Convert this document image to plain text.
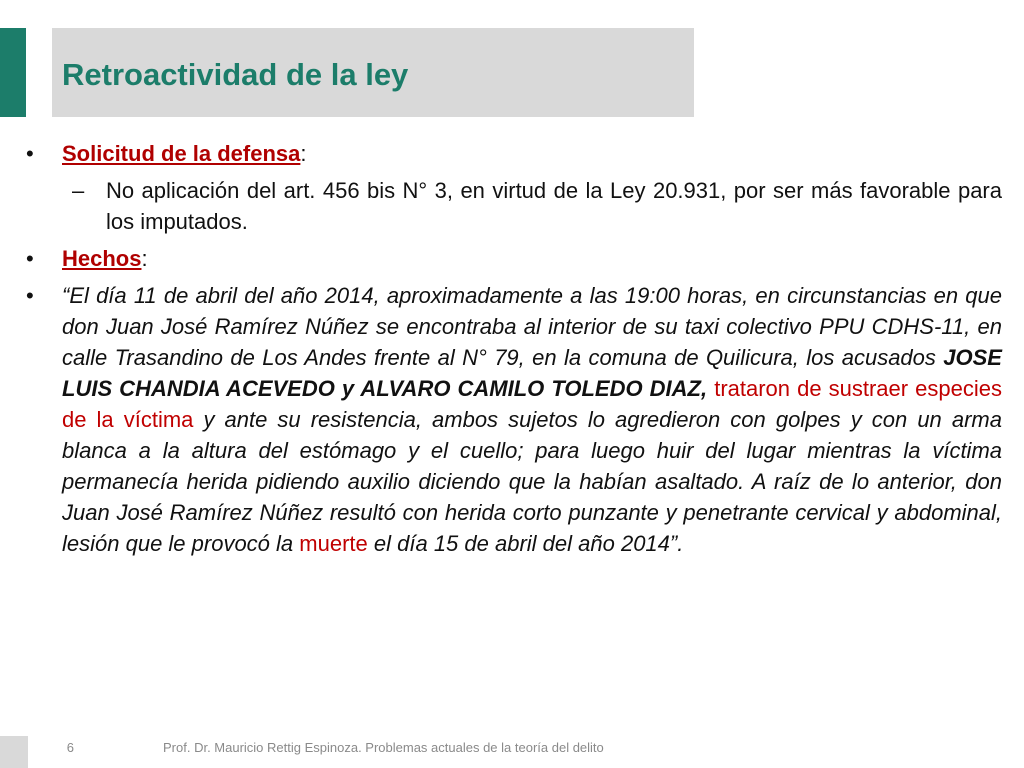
Retroactividad de la ley
•	Solicitud de la defensa:
– No aplicación del art. 456 bis N° 3, en virtud de la Ley 20.931, por ser más favorable para los imputados.
•	Hechos:
•	“El día 11 de abril del año 2014, aproximadamente a las 19:00 horas, en circunstancias en que don Juan José Ramírez Núñez se encontraba al interior de su taxi colectivo PPU CDHS-11, en calle Trasandino de Los Andes frente al N° 79, en la comuna de Quilicura, los acusados JOSE LUIS CHANDIA ACEVEDO y ALVARO CAMILO TOLEDO DIAZ, trataron de sustraer especies de la víctima y ante su resistencia, ambos sujetos lo agredieron con golpes y con un arma blanca a la altura del estómago y el cuello; para luego huir del lugar mientras la víctima permanecía herida pidiendo auxilio diciendo que la habían asaltado. A raíz de lo anterior, don Juan José Ramírez Núñez resultó con herida corto punzante y penetrante cervical y abdominal, lesión que le provocó la muerte el día 15 de abril del año 2014”.
6	Prof. Dr. Mauricio Rettig Espinoza. Problemas actuales de la teoría del delito
